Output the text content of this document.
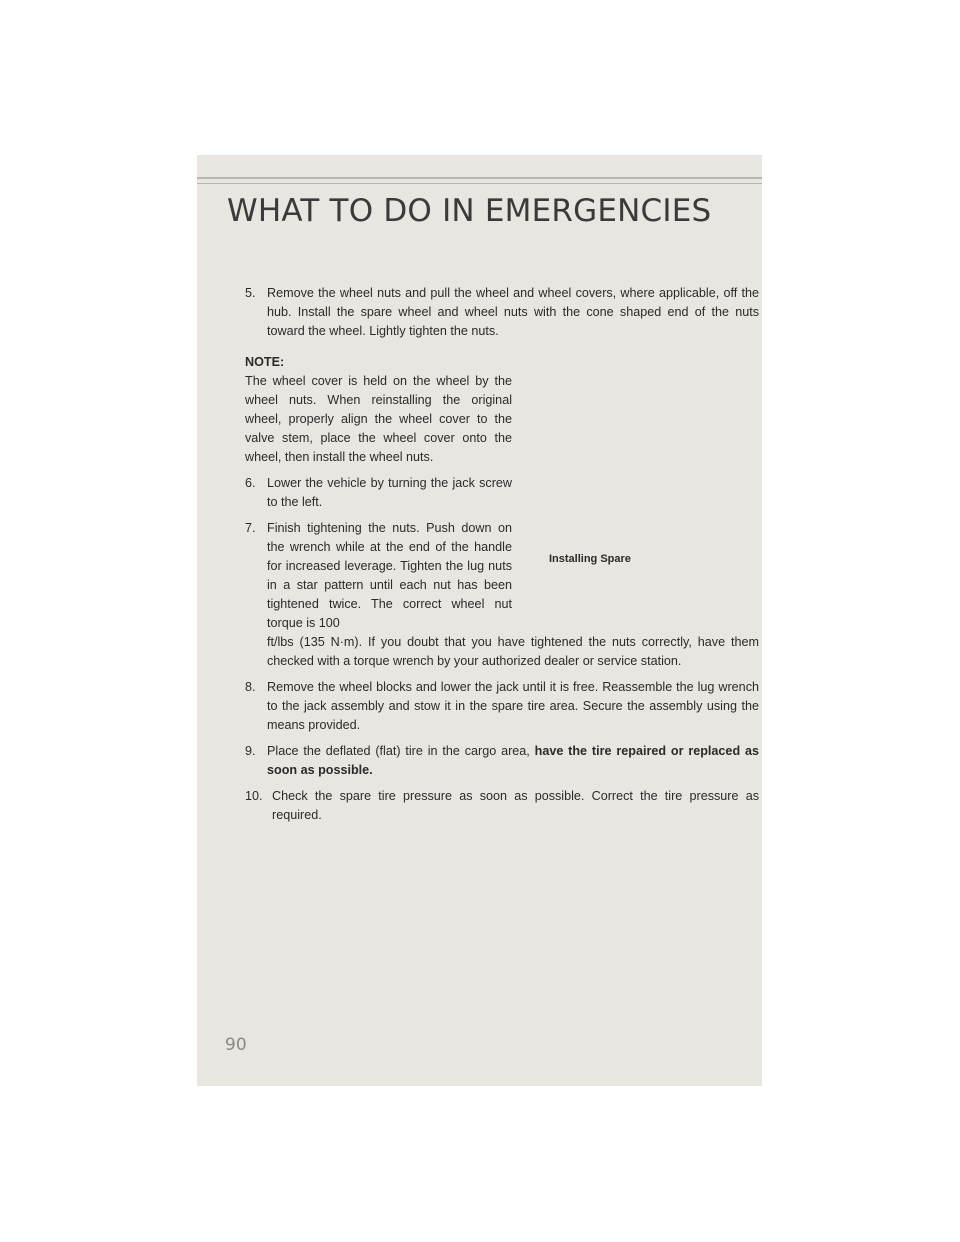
WHAT TO DO IN EMERGENCIES

5. Remove the wheel nuts and pull the wheel and wheel covers, where applicable, off the hub. Install the spare wheel and wheel nuts with the cone shaped end of the nuts toward the wheel. Lightly tighten the nuts.

NOTE:

The wheel cover is held on the wheel by the wheel nuts. When reinstalling the original wheel, properly align the wheel cover to the valve stem, place the wheel cover onto the wheel, then install the wheel nuts.

6. Lower the vehicle by turning the jack screw to the left.

7. Finish tightening the nuts. Push down on the wrench while at the end of the handle for increased leverage. Tighten the lug nuts in a star pattern until each nut has been tightened twice. The correct wheel nut torque is 100

ft/lbs (135 N·m). If you doubt that you have tightened the nuts correctly, have them checked with a torque wrench by your authorized dealer or service station.

8. Remove the wheel blocks and lower the jack until it is free. Reassemble the lug wrench to the jack assembly and stow it in the spare tire area. Secure the assembly using the means provided.

9. Place the deflated (flat) tire in the cargo area, have the tire repaired or replaced as soon as possible.

10. Check the spare tire pressure as soon as possible. Correct the tire pressure as required.

Installing Spare
90
